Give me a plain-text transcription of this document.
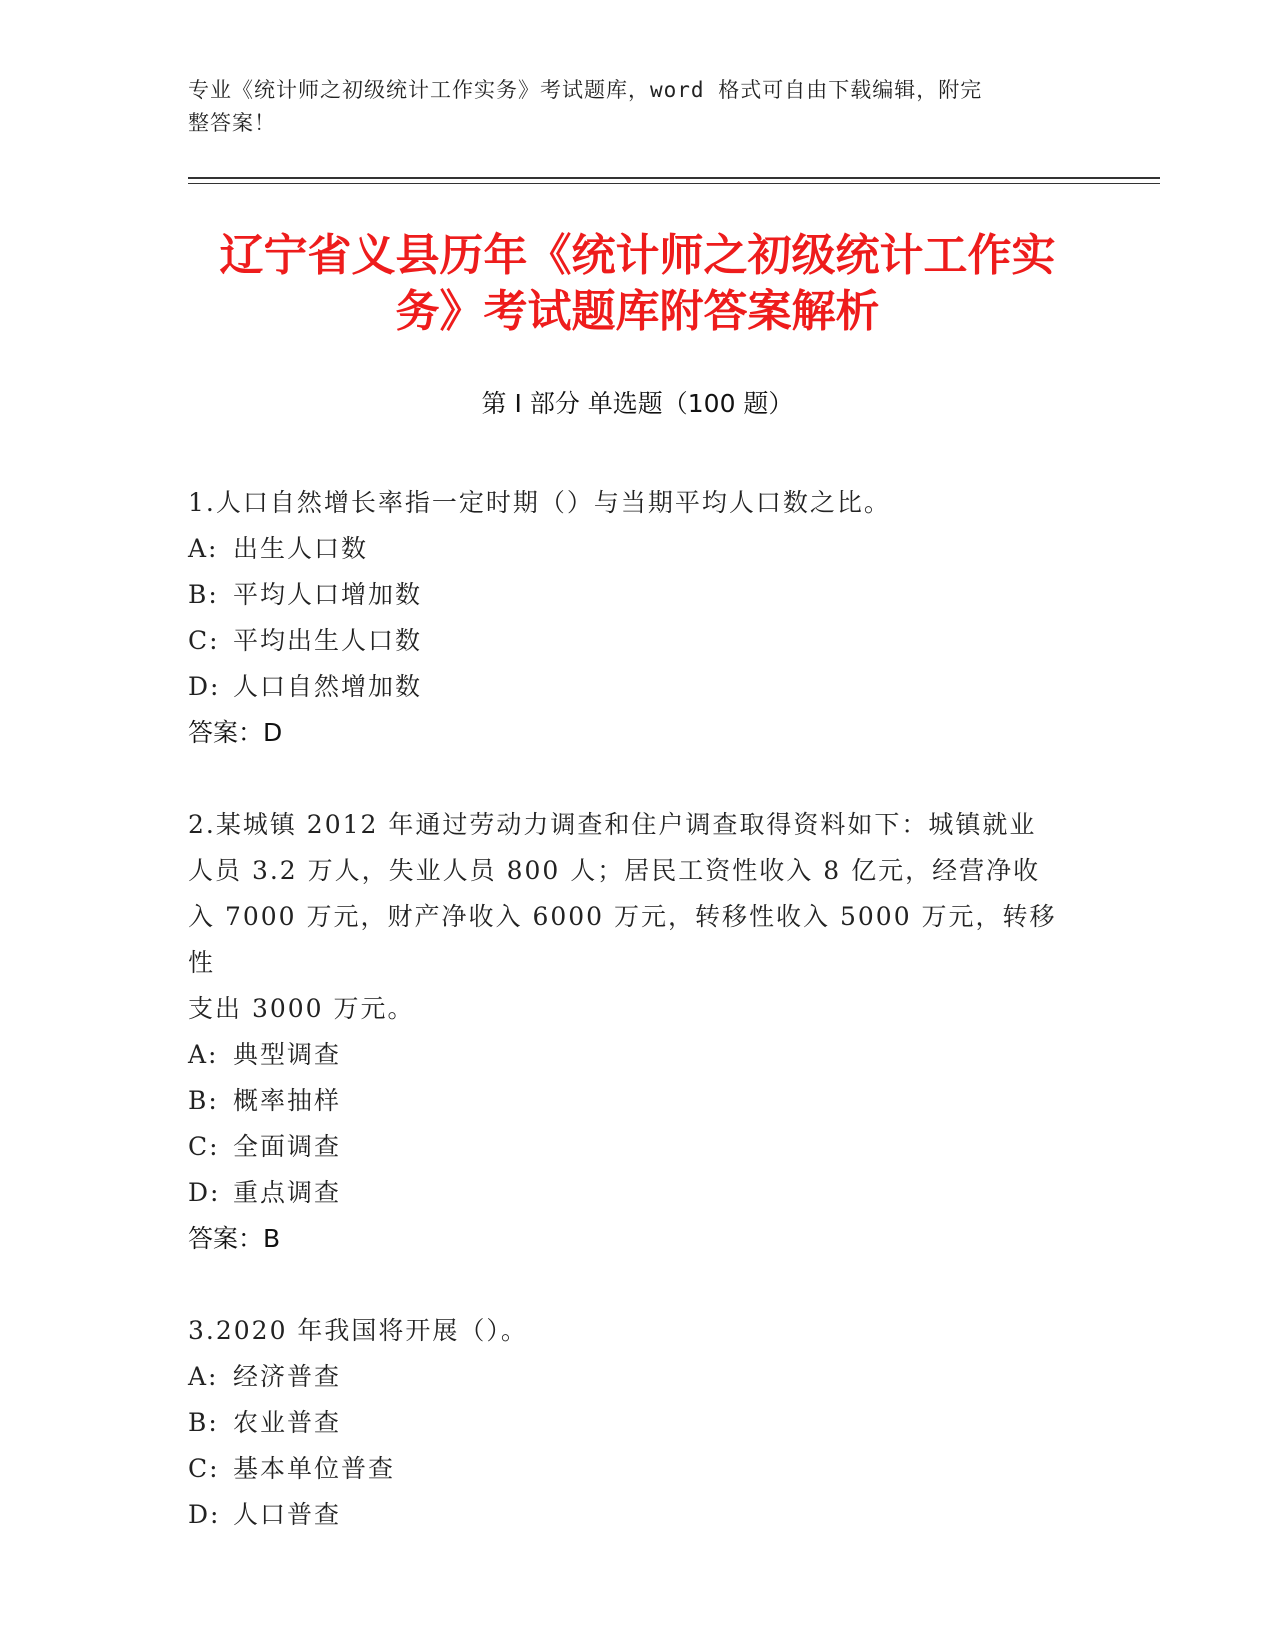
专业《统计师之初级统计工作实务》考试题库，word 格式可自由下载编辑，附完
整答案！
辽宁省义县历年《统计师之初级统计工作实
务》考试题库附答案解析
第 I 部分 单选题（100 题）
1.人口自然增长率指一定时期（）与当期平均人口数之比。
A: 出生人口数
B: 平均人口增加数
C: 平均出生人口数
D: 人口自然增加数
答案：D
2.某城镇 2012 年通过劳动力调查和住户调查取得资料如下：城镇就业
人员 3.2 万人，失业人员 800 人；居民工资性收入 8 亿元，经营净收
入 7000 万元，财产净收入 6000 万元，转移性收入 5000 万元，转移性
支出 3000 万元。
A: 典型调查
B: 概率抽样
C: 全面调查
D: 重点调查
答案：B
3.2020 年我国将开展（）。
A: 经济普查
B: 农业普查
C: 基本单位普查
D: 人口普查
